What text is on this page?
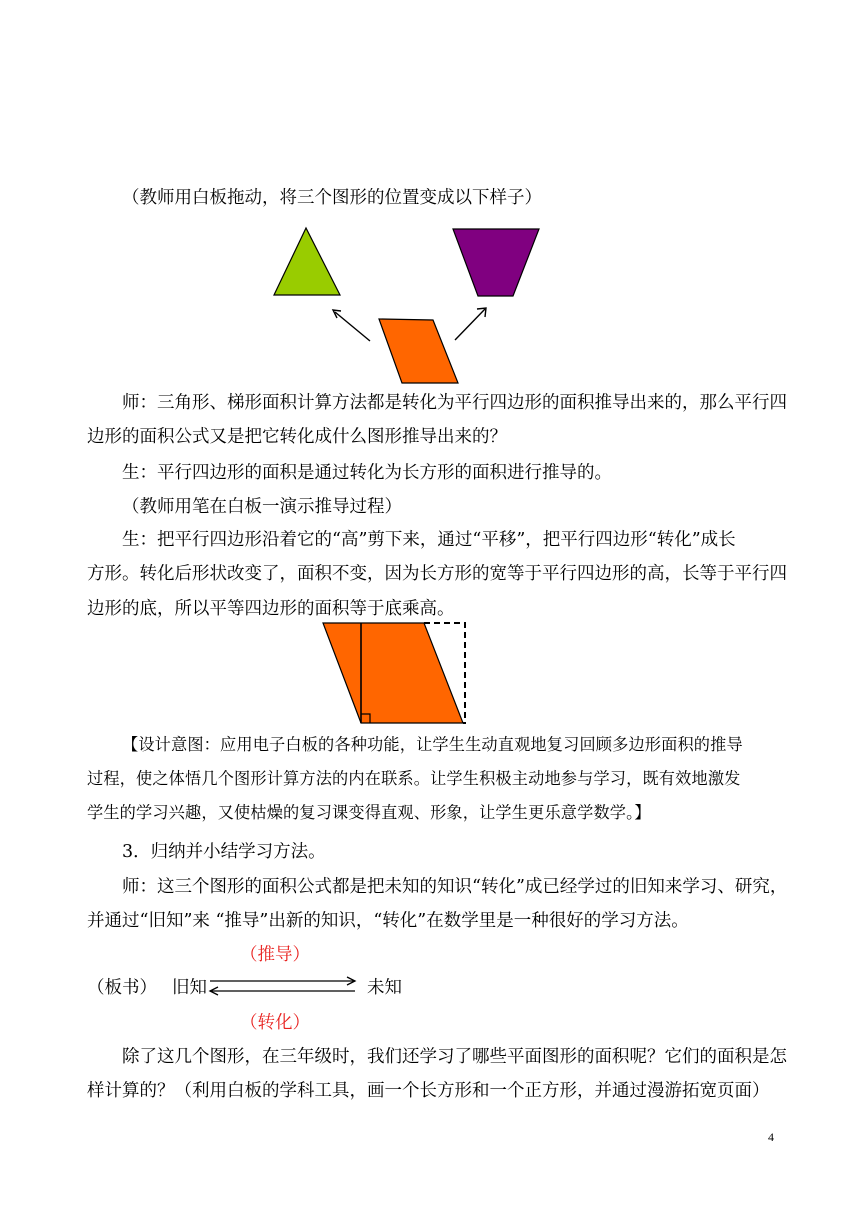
（教师用白板拖动，将三个图形的位置变成以下样子）
师：三角形、梯形面积计算方法都是转化为平行四边形的面积推导出来的，那么平行四
边形的面积公式又是把它转化成什么图形推导出来的？
生：平行四边形的面积是通过转化为长方形的面积进行推导的。
（教师用笔在白板一演示推导过程）
生：把平行四边形沿着它的“高”剪下来，通过“平移”，把平行四边形“转化”成长
方形。转化后形状改变了，面积不变，因为长方形的宽等于平行四边形的高，长等于平行四
边形的底，所以平等四边形的面积等于底乘高。
【设计意图：应用电子白板的各种功能，让学生生动直观地复习回顾多边形面积的推导
过程，使之体悟几个图形计算方法的内在联系。让学生积极主动地参与学习，既有效地激发
学生的学习兴趣，又使枯燥的复习课变得直观、形象，让学生更乐意学数学。】
3．归纳并小结学习方法。
师：这三个图形的面积公式都是把未知的知识“转化”成已经学过的旧知来学习、研究，
并通过“旧知”来 “推导”出新的知识，“转化”在数学里是一种很好的学习方法。
（推导）
（板书） 旧知	未知
（转化）
除了这几个图形，在三年级时，我们还学习了哪些平面图形的面积呢？它们的面积是怎
样计算的？（利用白板的学科工具，画一个长方形和一个正方形，并通过漫游拓宽页面）
4
